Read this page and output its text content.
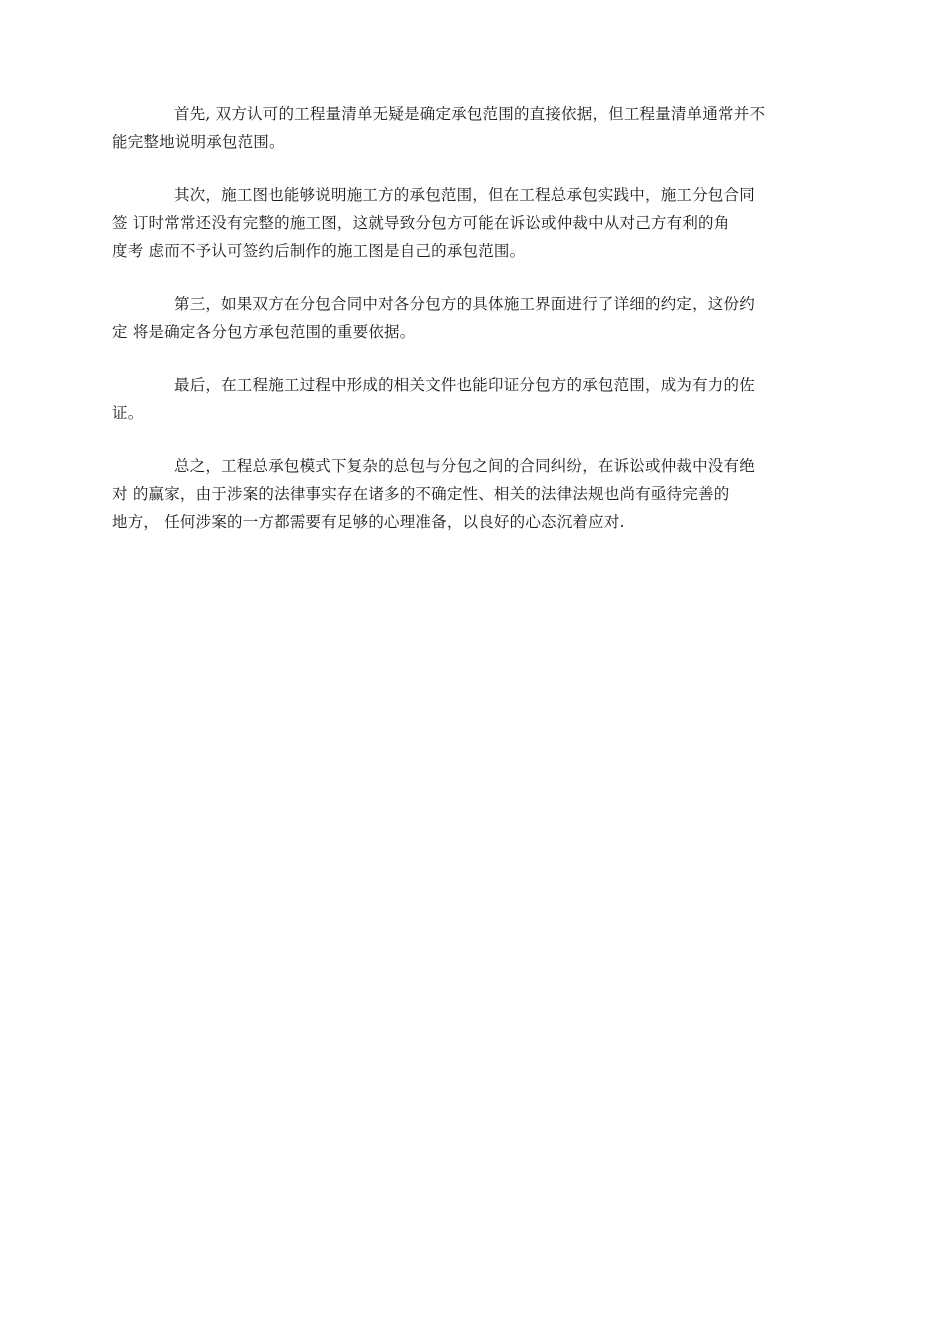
首先, 双方认可的工程量清单无疑是确定承包范围的直接依据，但工程量清单通常并不
能完整地说明承包范围。

其次，施工图也能够说明施工方的承包范围，但在工程总承包实践中，施工分包合同
签 订时常常还没有完整的施工图，这就导致分包方可能在诉讼或仲裁中从对己方有利的角
度考 虑而不予认可签约后制作的施工图是自己的承包范围。

第三，如果双方在分包合同中对各分包方的具体施工界面进行了详细的约定，这份约
定 将是确定各分包方承包范围的重要依据。

最后，在工程施工过程中形成的相关文件也能印证分包方的承包范围，成为有力的佐
证。

总之，工程总承包模式下复杂的总包与分包之间的合同纠纷，在诉讼或仲裁中没有绝
对 的赢家，由于涉案的法律事实存在诸多的不确定性、相关的法律法规也尚有亟待完善的
地方， 任何涉案的一方都需要有足够的心理准备，以良好的心态沉着应对.
